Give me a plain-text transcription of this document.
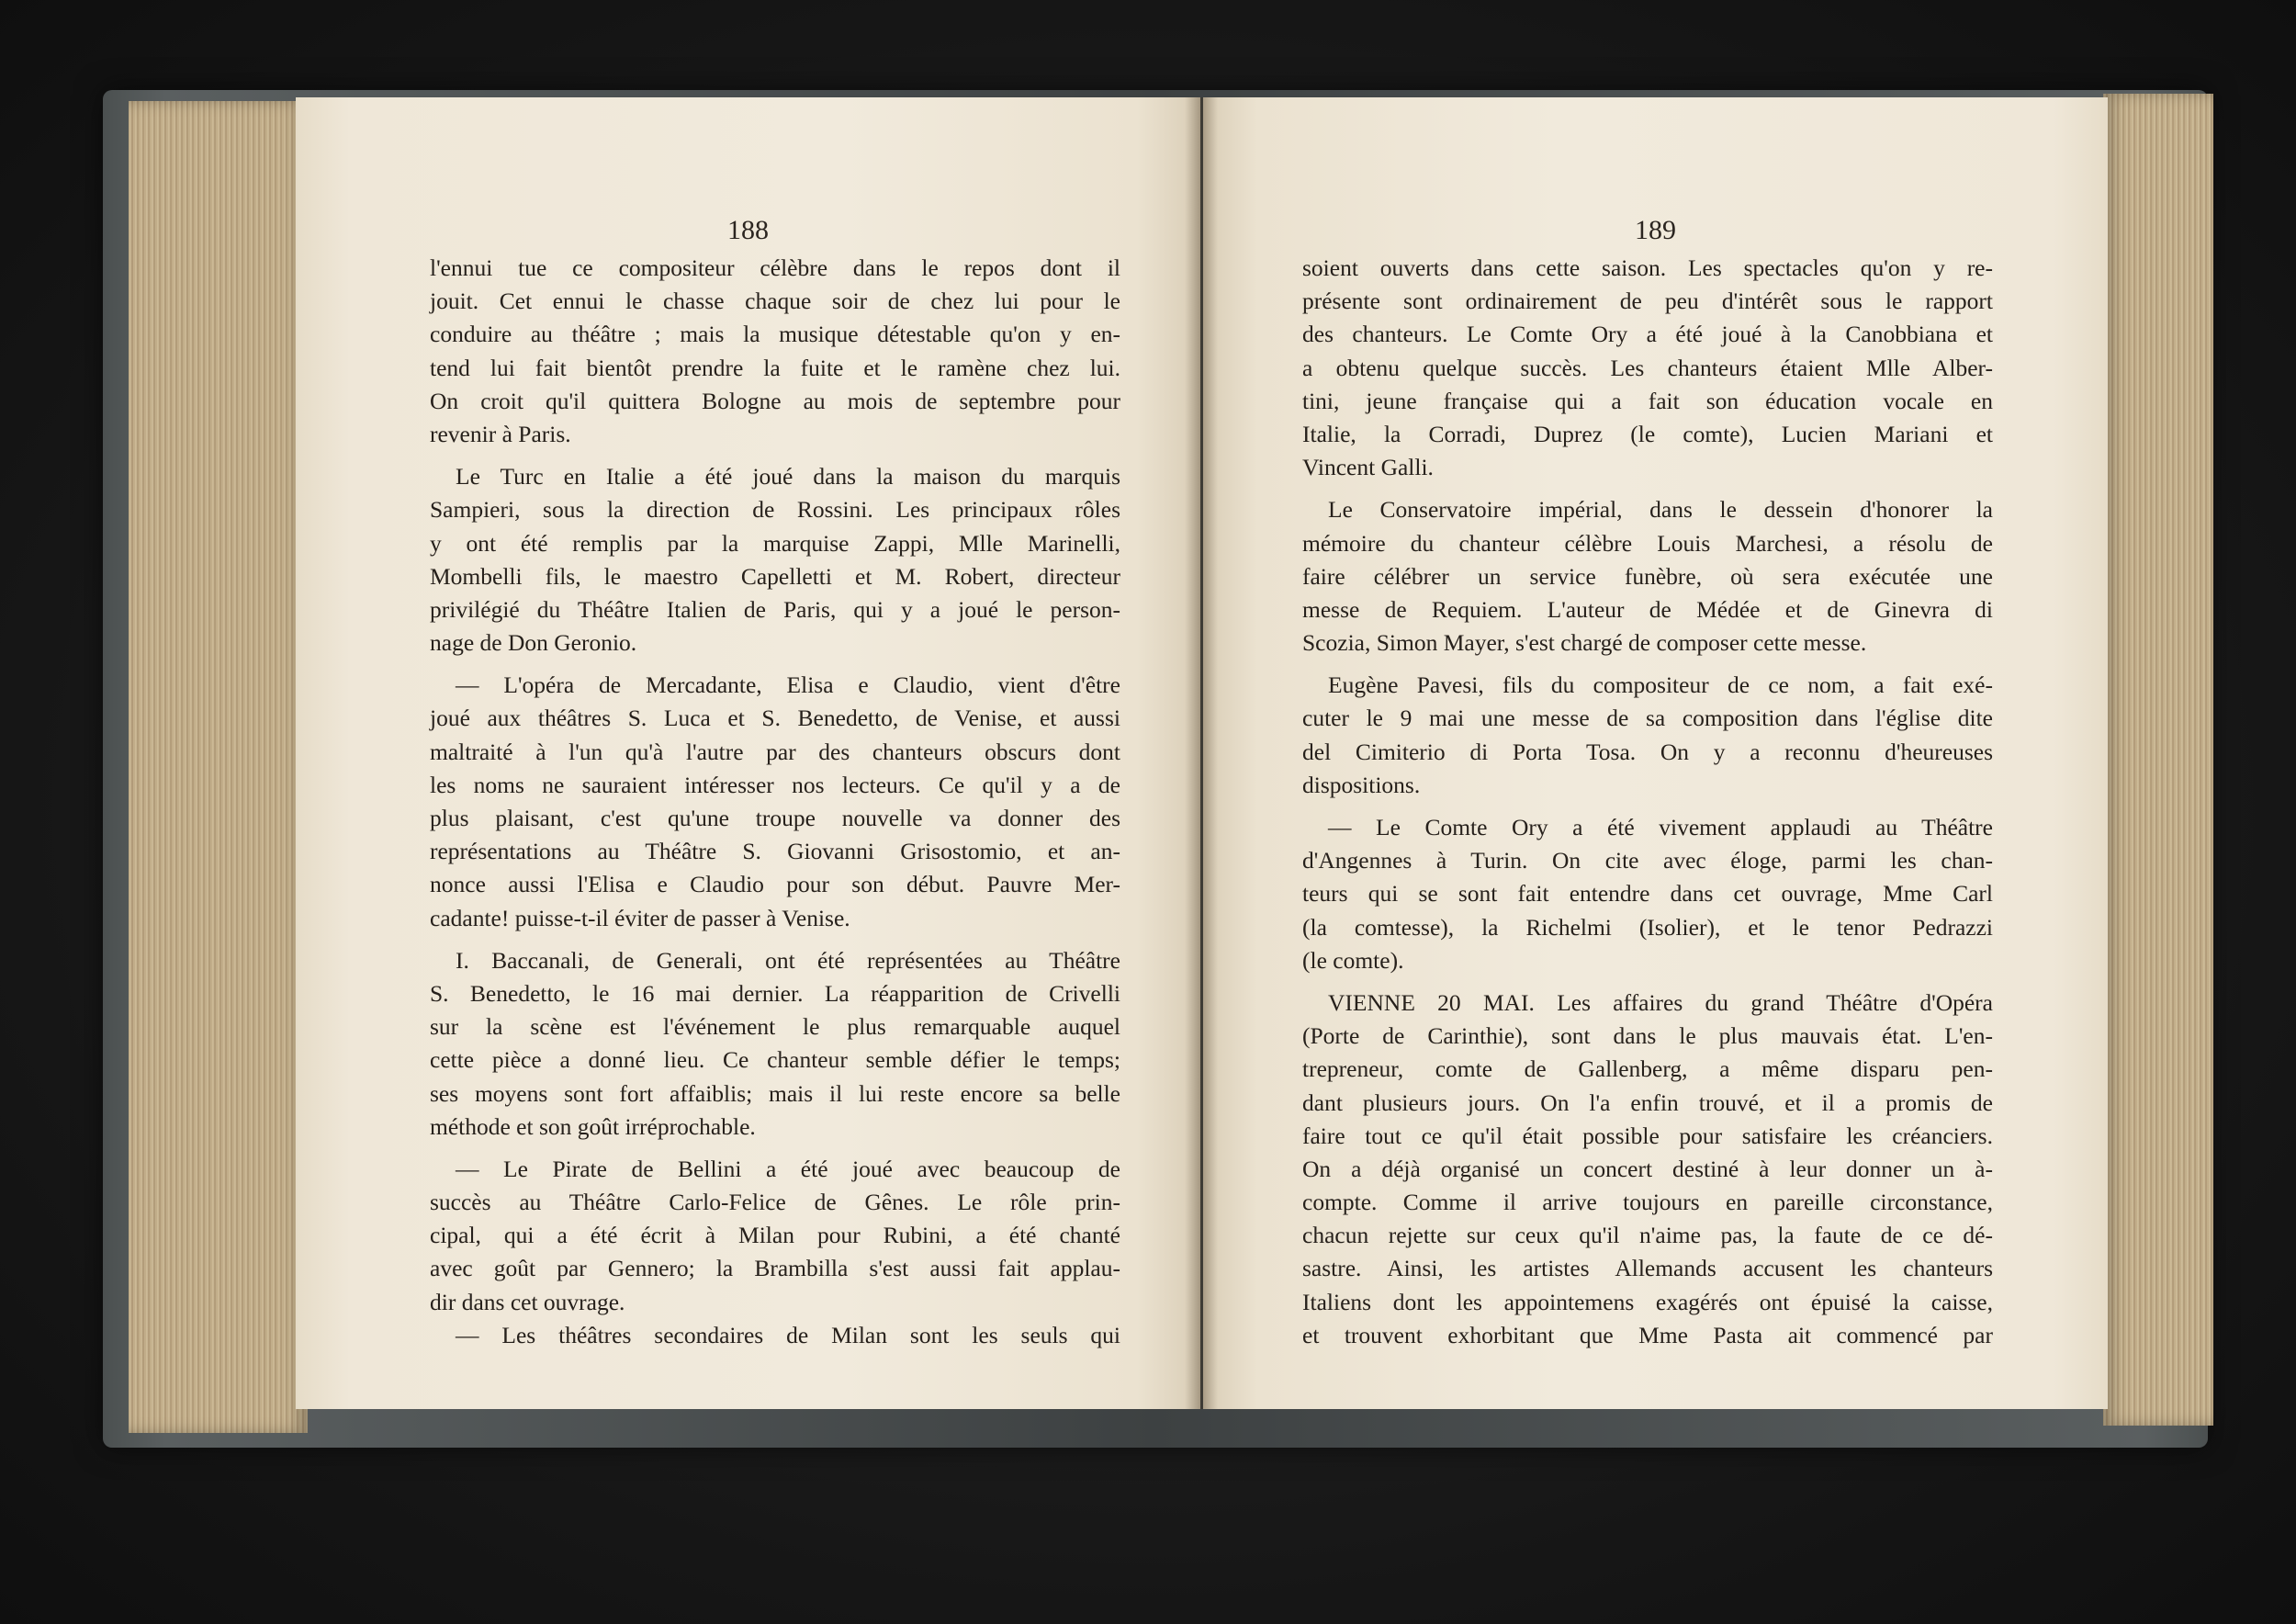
188
l'ennui tue ce compositeur célèbre dans le repos dont il
jouit. Cet ennui le chasse chaque soir de chez lui pour le
conduire au théâtre ; mais la musique détestable qu'on y en-
tend lui fait bientôt prendre la fuite et le ramène chez lui.
On croit qu'il quittera Bologne au mois de septembre pour
revenir à Paris.
Le Turc en Italie a été joué dans la maison du marquis
Sampieri, sous la direction de Rossini. Les principaux rôles
y ont été remplis par la marquise Zappi, Mlle Marinelli,
Mombelli fils, le maestro Capelletti et M. Robert, directeur
privilégié du Théâtre Italien de Paris, qui y a joué le person-
nage de Don Geronio.
— L'opéra de Mercadante, Elisa e Claudio, vient d'être
joué aux théâtres S. Luca et S. Benedetto, de Venise, et aussi
maltraité à l'un qu'à l'autre par des chanteurs obscurs dont
les noms ne sauraient intéresser nos lecteurs. Ce qu'il y a de
plus plaisant, c'est qu'une troupe nouvelle va donner des
représentations au Théâtre S. Giovanni Grisostomio, et an-
nonce aussi l'Elisa e Claudio pour son début. Pauvre Mer-
cadante! puisse-t-il éviter de passer à Venise.
I. Baccanali, de Generali, ont été représentées au Théâtre
S. Benedetto, le 16 mai dernier. La réapparition de Crivelli
sur la scène est l'événement le plus remarquable auquel
cette pièce a donné lieu. Ce chanteur semble défier le temps;
ses moyens sont fort affaiblis; mais il lui reste encore sa belle
méthode et son goût irréprochable.
— Le Pirate de Bellini a été joué avec beaucoup de
succès au Théâtre Carlo-Felice de Gênes. Le rôle prin-
cipal, qui a été écrit à Milan pour Rubini, a été chanté
avec goût par Gennero; la Brambilla s'est aussi fait applau-
dir dans cet ouvrage.
— Les théâtres secondaires de Milan sont les seuls qui
189
soient ouverts dans cette saison. Les spectacles qu'on y re-
présente sont ordinairement de peu d'intérêt sous le rapport
des chanteurs. Le Comte Ory a été joué à la Canobbiana et
a obtenu quelque succès. Les chanteurs étaient Mlle Alber-
tini, jeune française qui a fait son éducation vocale en
Italie, la Corradi, Duprez (le comte), Lucien Mariani et
Vincent Galli.
Le Conservatoire impérial, dans le dessein d'honorer la
mémoire du chanteur célèbre Louis Marchesi, a résolu de
faire célébrer un service funèbre, où sera exécutée une
messe de Requiem. L'auteur de Médée et de Ginevra di
Scozia, Simon Mayer, s'est chargé de composer cette messe.
Eugène Pavesi, fils du compositeur de ce nom, a fait exé-
cuter le 9 mai une messe de sa composition dans l'église dite
del Cimiterio di Porta Tosa. On y a reconnu d'heureuses
dispositions.
— Le Comte Ory a été vivement applaudi au Théâtre
d'Angennes à Turin. On cite avec éloge, parmi les chan-
teurs qui se sont fait entendre dans cet ouvrage, Mme Carl
(la comtesse), la Richelmi (Isolier), et le tenor Pedrazzi
(le comte).
VIENNE 20 MAI. Les affaires du grand Théâtre d'Opéra
(Porte de Carinthie), sont dans le plus mauvais état. L'en-
trepreneur, comte de Gallenberg, a même disparu pen-
dant plusieurs jours. On l'a enfin trouvé, et il a promis de
faire tout ce qu'il était possible pour satisfaire les créanciers.
On a déjà organisé un concert destiné à leur donner un à-
compte. Comme il arrive toujours en pareille circonstance,
chacun rejette sur ceux qu'il n'aime pas, la faute de ce dé-
sastre. Ainsi, les artistes Allemands accusent les chanteurs
Italiens dont les appointemens exagérés ont épuisé la caisse,
et trouvent exhorbitant que Mme Pasta ait commencé par
